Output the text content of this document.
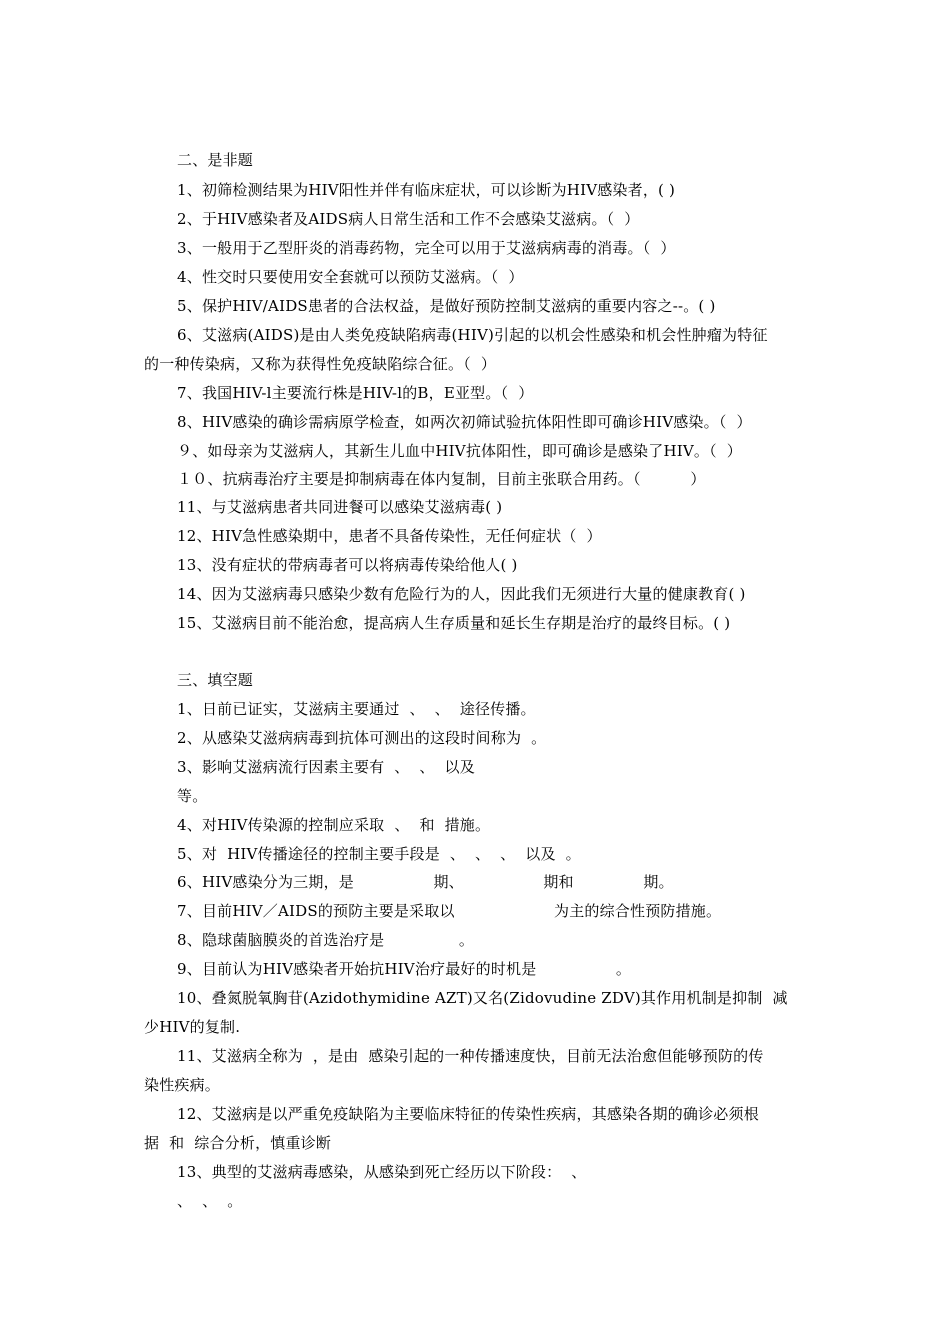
二、是非题
1、初筛检测结果为HIV阳性并伴有临床症状，可以诊断为HIV感染者，( )
2、于HIV感染者及AIDS病人日常生活和工作不会感染艾滋病。（  ）
3、一般用于乙型肝炎的消毒药物，完全可以用于艾滋病病毒的消毒。（  ）
4、性交时只要使用安全套就可以预防艾滋病。（  ）
5、保护HIV/AIDS患者的合法权益，是做好预防控制艾滋病的重要内容之--。( )
6、艾滋病(AIDS)是由人类免疫缺陷病毒(HIV)引起的以机会性感染和机会性肿瘤为特征
的一种传染病，又称为获得性免疫缺陷综合征。（  ）
7、我国HIV-l主要流行株是HIV-l的B，E亚型。（  ）
8、HIV感染的确诊需病原学检查，如两次初筛试验抗体阳性即可确诊HIV感染。（  ）
９、如母亲为艾滋病人，其新生儿血中HIV抗体阳性，即可确诊是感染了HIV。（  ）
１０、抗病毒治疗主要是抑制病毒在体内复制，目前主张联合用药。（          ）
11、与艾滋病患者共同进餐可以感染艾滋病毒( )
12、HIV急性感染期中，患者不具备传染性，无任何症状（  ）
13、没有症状的带病毒者可以将病毒传染给他人( )
14、因为艾滋病毒只感染少数有危险行为的人，因此我们无须进行大量的健康教育( )
15、艾滋病目前不能治愈，提高病人生存质量和延长生存期是治疗的最终目标。( )
三、填空题
1、日前已证实，艾滋病主要通过  、  、  途径传播。
2、从感染艾滋病病毒到抗体可测出的这段时间称为  。
3、影响艾滋病流行因素主要有  、  、  以及
等。
4、对HIV传染源的控制应采取  、  和  措施。
5、对  HIV传播途径的控制主要手段是  、  、  、  以及  。
6、HIV感染分为三期，是                期、                期和              期。
7、目前HIV／AIDS的预防主要是采取以                    为主的综合性预防措施。
8、隐球菌脑膜炎的首选治疗是               。
9、目前认为HIV感染者开始抗HIV治疗最好的时机是                。
10、叠氮脱氧胸苷(Azidothymidine AZT)又名(Zidovudine ZDV)其作用机制是抑制  减
少HIV的复制.
11、艾滋病全称为  ，是由  感染引起的一种传播速度快，目前无法治愈但能够预防的传
染性疾病。
12、艾滋病是以严重免疫缺陷为主要临床特征的传染性疾病，其感染各期的确诊必须根
据  和  综合分析，慎重诊断
13、典型的艾滋病毒感染，从感染到死亡经历以下阶段：  、
、  、  。
